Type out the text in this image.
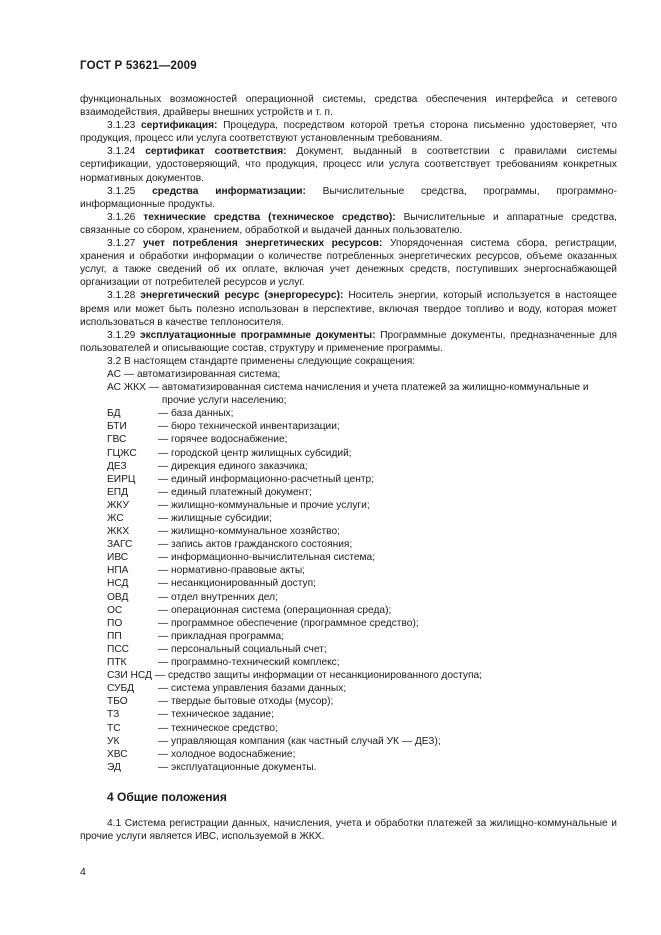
ГОСТ Р 53621—2009

функциональных возможностей операционной системы, средства обеспечения интерфейса и сетевого взаимодействия, драйверы внешних устройств и т. п.

3.1.23 сертификация: Процедура, посредством которой третья сторона письменно удостоверяет, что продукция, процесс или услуга соответствуют установленным требованиям.

3.1.24 сертификат соответствия: Документ, выданный в соответствии с правилами системы сертификации, удостоверяющий, что продукция, процесс или услуга соответствует требованиям конкретных нормативных документов.

3.1.25 средства информатизации: Вычислительные средства, программы, программно-информационные продукты.

3.1.26 технические средства (техническое средство): Вычислительные и аппаратные средства, связанные со сбором, хранением, обработкой и выдачей данных пользователю.

3.1.27 учет потребления энергетических ресурсов: Упорядоченная система сбора, регистрации, хранения и обработки информации о количестве потребленных энергетических ресурсов, объеме оказанных услуг, а также сведений об их оплате, включая учет денежных средств, поступивших энергоснабжающей организации от потребителей ресурсов и услуг.

3.1.28 энергетический ресурс (энергоресурс): Носитель энергии, который используется в настоящее время или может быть полезно использован в перспективе, включая твердое топливо и воду, которая может использоваться в качестве теплоносителя.

3.1.29 эксплуатационные программные документы: Программные документы, предназначенные для пользователей и описывающие состав, структуру и применение программы.

3.2 В настоящем стандарте применены следующие сокращения:

АС — автоматизированная система;
АС ЖКХ — автоматизированная система начисления и учета платежей за жилищно-коммунальные и прочие услуги населению;
БД	— база данных;
БТИ	— бюро технической инвентаризации;
ГВС	— горячее водоснабжение;
ГЦЖС	— городской центр жилищных субсидий;
ДЕЗ	— дирекция единого заказчика;
ЕИРЦ	— единый информационно-расчетный центр;
ЕПД	— единый платежный документ;
ЖКУ	— жилищно-коммунальные и прочие услуги;
ЖС	— жилищные субсидии;
ЖКХ	— жилищно-коммунальное хозяйство;
ЗАГС	— запись актов гражданского состояния;
ИВС	— информационно-вычислительная система;
НПА	— нормативно-правовые акты;
НСД	— несанкционированный доступ;
ОВД	— отдел внутренних дел;
ОС	— операционная система (операционная среда);
ПО	— программное обеспечение (программное средство);
ПП	— прикладная программа;
ПСС	— персональный социальный счет;
ПТК	— программно-технический комплекс;
СЗИ НСД — средство защиты информации от несанкционированного доступа;
СУБД	— система управления базами данных;
ТБО	— твердые бытовые отходы (мусор);
ТЗ	— техническое задание;
ТС	— техническое средство;
УК	— управляющая компания (как частный случай УК — ДЕЗ);
ХВС	— холодное водоснабжение;
ЭД	— эксплуатационные документы.
4 Общие положения

4.1 Система регистрации данных, начисления, учета и обработки платежей за жилищно-коммунальные и прочие услуги является ИВС, используемой в ЖКХ.

4
